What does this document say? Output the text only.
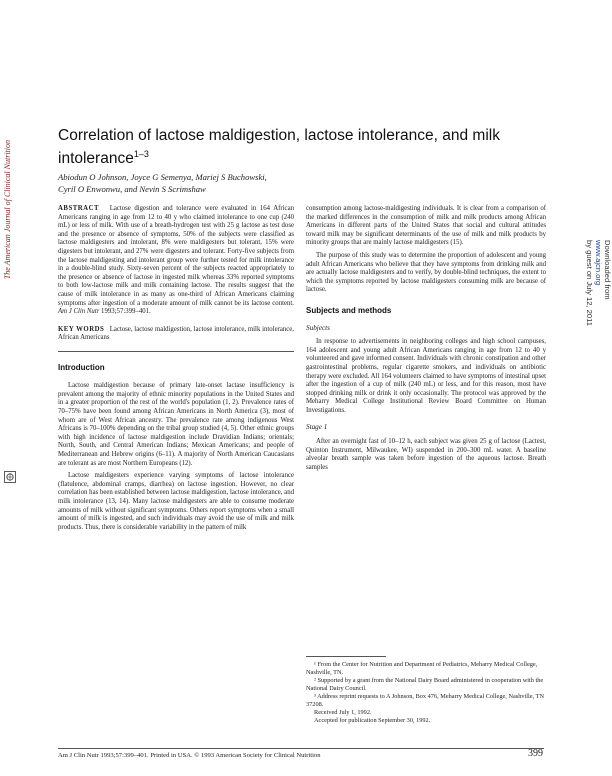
The American Journal of Clinical Nutrition	Downloaded from
www.ajcn.org
by guest on July 12, 2011
Correlation of lactose maldigestion, lactose intolerance, and milk intolerance$^{1-3}$
Abiodun O Johnson, Joyce G Semenya, Mariej S Buchowski,
Cyril O Enwonwu, and Nevin S Scrimshaw

ABSTRACT Lactose digestion and tolerance were evaluated in 164 African Americans ranging in age from 12 to 40 y who claimed intolerance to one cup (240 mL) or less of milk. With use of a breath-hydrogen test with 25 g lactose as test dose and the presence or absence of symptoms, 50% of the subjects were classified as lactose maldigesters and intolerant, 8% were maldigesters but tolerant, 15% were digesters but intolerant, and 27% were digesters and tolerant. Forty-five subjects from the lactose maldigesting and intolerant group were further tested for milk intolerance in a double-blind study. Sixty-seven percent of the subjects reacted appropriately to the presence or absence of lactose in ingested milk whereas 33% reported symptoms to both low-lactose milk and milk containing lactose. The results suggest that the cause of milk intolerance in as many as one-third of African Americans claiming symptoms after ingestion of a moderate amount of milk cannot be its lactose content. Am J Clin Nutr 1993;57:399–401.

KEY WORDS Lactose, lactose maldigestion, lactose intolerance, milk intolerance, African Americans

Introduction

Lactose maldigestion because of primary late-onset lactase insufficiency is prevalent among the majority of ethnic minority populations in the United States and in a greater proportion of the rest of the world's population (1, 2). Prevalence rates of 70–75% have been found among African Americans in North America (3), most of whom are of West African ancestry. The prevalence rate among indigenous West Africans is 70–100% depending on the tribal group studied (4, 5). Other ethnic groups with high incidence of lactose maldigestion include Dravidian Indians; orientals; North, South, and Central American Indians; Mexican Americans; and people of Mediterranean and Hebrew origins (6–11). A majority of North American Caucasians are tolerant as are most Northern Europeans (12).

Lactose maldigesters experience varying symptoms of lactose intolerance (flatulence, abdominal cramps, diarrhea) on lactose ingestion. However, no clear correlation has been established between lactose maldigestion, lactose intolerance, and milk intolerance (13, 14). Many lactose maldigesters are able to consume moderate amounts of milk without significant symptoms. Others report symptoms when a small amount of milk is ingested, and such individuals may avoid the use of milk and milk products. Thus, there is considerable variability in the pattern of milk

consumption among lactose-maldigesting individuals. It is clear from a comparison of the marked differences in the consumption of milk and milk products among African Americans in different parts of the United States that social and cultural attitudes toward milk may be significant determinants of the use of milk and milk products by minority groups that are mainly lactose maldigesters (15).

The purpose of this study was to determine the proportion of adolescent and young adult African Americans who believe that they have symptoms from drinking milk and are actually lactose maldigesters and to verify, by double-blind techniques, the extent to which the symptoms reported by lactose maldigesters consuming milk are because of lactose.

Subjects and methods
Subjects

In response to advertisements in neighboring colleges and high school campuses, 164 adolescent and young adult African Americans ranging in age from 12 to 40 y volunteered and gave informed consent. Individuals with chronic constipation and other gastrointestinal problems, regular cigarette smokers, and individuals on antibiotic therapy were excluded. All 164 volunteers claimed to have symptoms of intestinal upset after the ingestion of a cup of milk (240 mL) or less, and for this reason, most have stopped drinking milk or drink it only occasionally. The protocol was approved by the Meharry Medical College Institutional Review Board Committee on Human Investigations.

Stage 1

After an overnight fast of 10–12 h, each subject was given 25 g of lactose (Lactest, Quinton Instrument, Milwaukee, WI) suspended in 200–300 mL water. A baseline alveolar breath sample was taken before ingestion of the aqueous lactose. Breath samples

¹ From the Center for Nutrition and Department of Pediatrics, Meharry Medical College, Nashville, TN.

² Supported by a grant from the National Dairy Board administered in cooperation with the National Dairy Council.

³ Address reprint requests to A Johnson, Box 476, Meharry Medical College, Nashville, TN 37208.

Received July 1, 1992.

Accepted for publication September 30, 1992.

Am J Clin Nutr 1993;57:399–401. Printed in USA. © 1993 American Society for Clinical Nutrition	399
